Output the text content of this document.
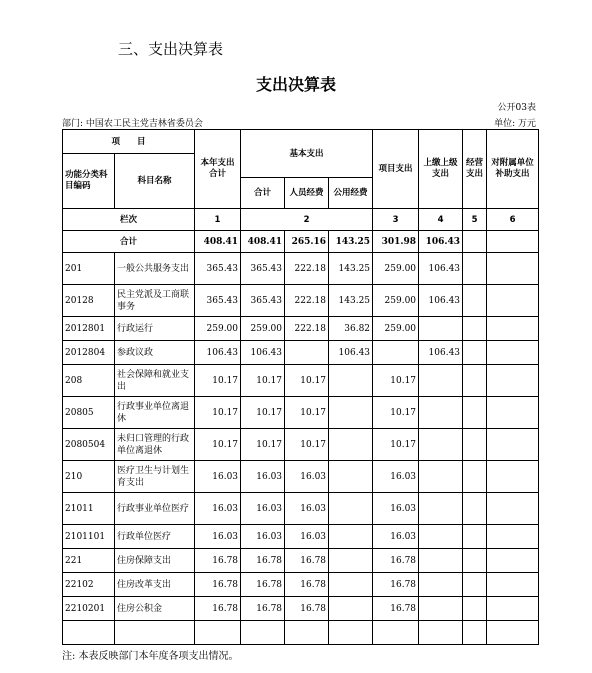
三、支出决算表
支出决算表
公开03表
部门: 中国农工民主党吉林省委员会	单位: 万元
项　　目		本年支出合计	基本支出			项目支出	上缴上级支出	经营支出	对附属单位补助支出

功能分类科目编码	科目名称								
			合计	人员经费	公用经费				

栏次		1	2			3	4	5	6
合计		408.41	408.41	265.16	143.25	301.98	106.43		
201	一般公共服务支出	365.43	365.43	222.18	143.25	259.00	106.43		
20128	民主党派及工商联事务	365.43	365.43	222.18	143.25	259.00	106.43		
2012801	行政运行	259.00	259.00	222.18	36.82	259.00			
2012804	参政议政	106.43	106.43		106.43		106.43		
208	社会保障和就业支出	10.17	10.17	10.17		10.17			
20805	行政事业单位离退休	10.17	10.17	10.17		10.17			
2080504	未归口管理的行政单位离退休	10.17	10.17	10.17		10.17			
210	医疗卫生与计划生育支出	16.03	16.03	16.03		16.03			
21011	行政事业单位医疗	16.03	16.03	16.03		16.03			
2101101	行政单位医疗	16.03	16.03	16.03		16.03			
221	住房保障支出	16.78	16.78	16.78		16.78			
22102	住房改革支出	16.78	16.78	16.78		16.78			
2210201	住房公积金	16.78	16.78	16.78		16.78			

注: 本表反映部门本年度各项支出情况。
